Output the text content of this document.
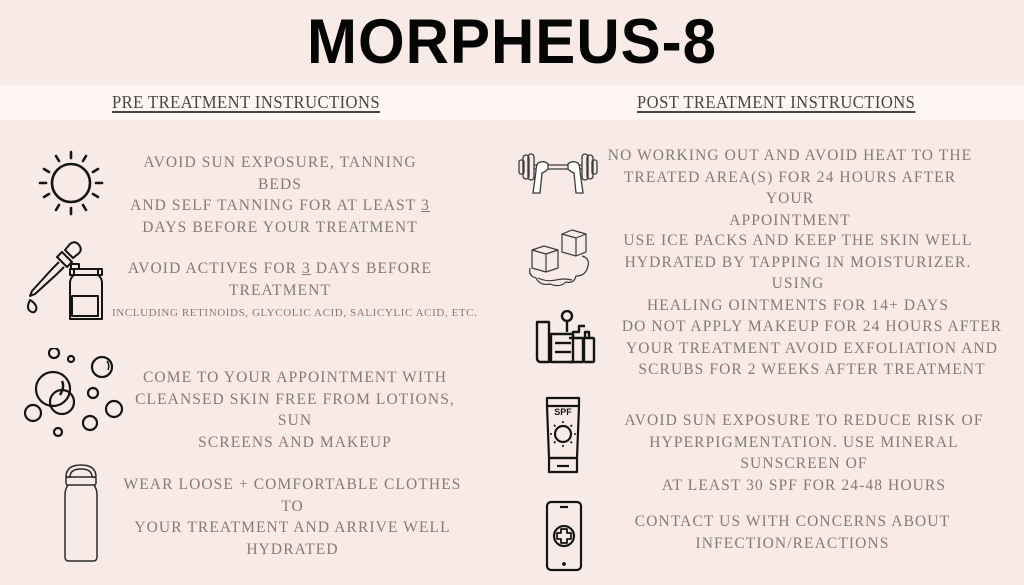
MORPHEUS-8
PRE TREATMENT INSTRUCTIONS	POST TREATMENT INSTRUCTIONS
AVOID SUN EXPOSURE, TANNING BEDS
AND SELF TANNING FOR AT LEAST 3
DAYS BEFORE YOUR TREATMENT
AVOID ACTIVES FOR 3 DAYS BEFORE
TREATMENT
INCLUDING RETINOIDS, GLYCOLIC ACID, SALICYLIC ACID, ETC.
COME TO YOUR APPOINTMENT WITH
CLEANSED SKIN FREE FROM LOTIONS, SUN
SCREENS AND MAKEUP
WEAR LOOSE + COMFORTABLE CLOTHES TO
YOUR TREATMENT AND ARRIVE WELL
HYDRATED
NO WORKING OUT AND AVOID HEAT TO THE
TREATED AREA(S) FOR 24 HOURS AFTER YOUR
APPOINTMENT
USE ICE PACKS AND KEEP THE SKIN WELL
HYDRATED BY TAPPING IN MOISTURIZER. USING
HEALING OINTMENTS FOR 14+ DAYS
DO NOT APPLY MAKEUP FOR 24 HOURS AFTER
YOUR TREATMENT AVOID EXFOLIATION AND
SCRUBS FOR 2 WEEKS AFTER TREATMENT
SPF	AVOID SUN EXPOSURE TO REDUCE RISK OF
HYPERPIGMENTATION. USE MINERAL SUNSCREEN OF
AT LEAST 30 SPF FOR 24-48 HOURS
CONTACT US WITH CONCERNS ABOUT
INFECTION/REACTIONS
